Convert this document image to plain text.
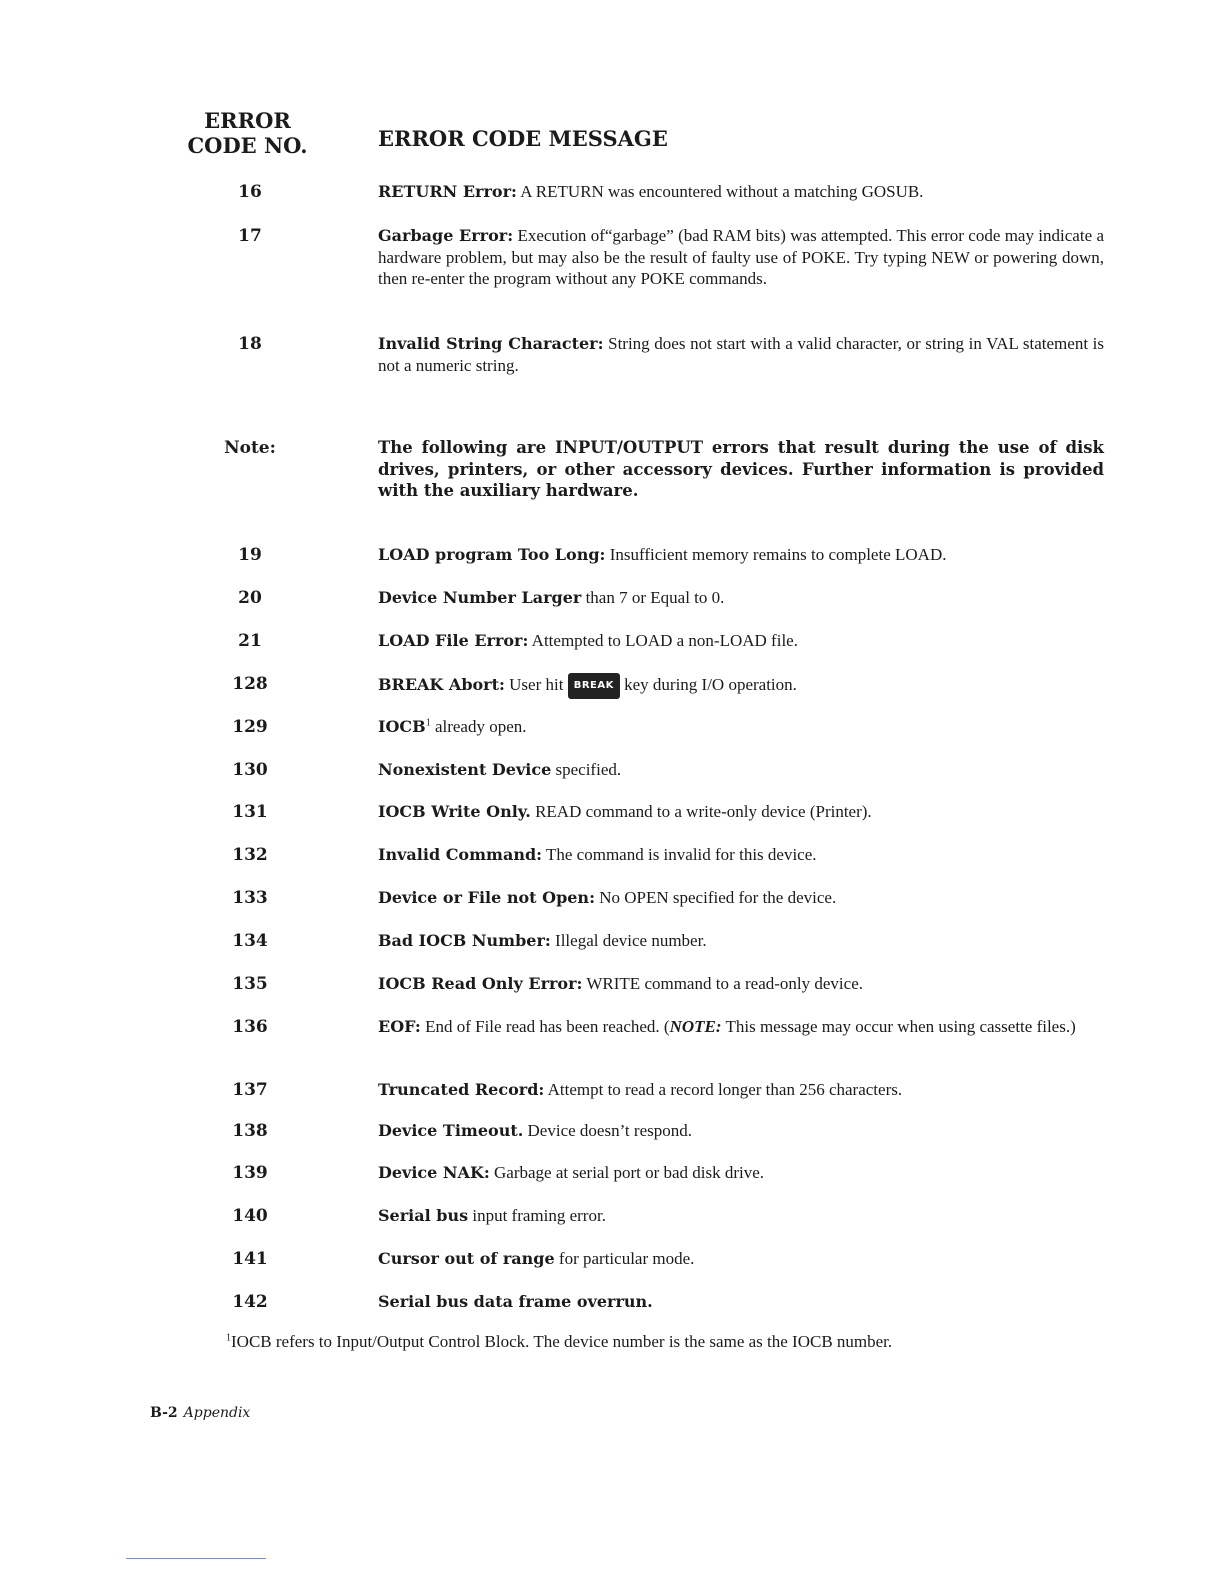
ERROR
CODE NO.	ERROR CODE MESSAGE
16	RETURN Error: A RETURN was encountered without a matching GOSUB.
17	Garbage Error: Execution of“garbage” (bad RAM bits) was attempted. This error code may indicate a hardware problem, but may also be the result of faulty use of POKE. Try typing NEW or powering down, then re-enter the program without any POKE commands.
18	Invalid String Character: String does not start with a valid character, or string in VAL statement is not a numeric string.
Note:	The following are INPUT/OUTPUT errors that result during the use of disk drives, printers, or other accessory devices. Further information is provided with the auxiliary hardware.
19	LOAD program Too Long: Insufficient memory remains to complete LOAD.
20	Device Number Larger than 7 or Equal to 0.
21	LOAD File Error: Attempted to LOAD a non-LOAD file.
128	BREAK Abort: User hit BREAK key during I/O operation.
129	IOCB$^1$ already open.
130	Nonexistent Device specified.
131	IOCB Write Only. READ command to a write-only device (Printer).
132	Invalid Command: The command is invalid for this device.
133	Device or File not Open: No OPEN specified for the device.
134	Bad IOCB Number: Illegal device number.
135	IOCB Read Only Error: WRITE command to a read-only device.
136	EOF: End of File read has been reached. (NOTE: This message may occur when using cassette files.)
137	Truncated Record: Attempt to read a record longer than 256 characters.
138	Device Timeout. Device doesn’t respond.
139	Device NAK: Garbage at serial port or bad disk drive.
140	Serial bus input framing error.
141	Cursor out of range for particular mode.
142	Serial bus data frame overrun.
$^1$IOCB refers to Input/Output Control Block. The device number is the same as the IOCB number.
B-2 Appendix
